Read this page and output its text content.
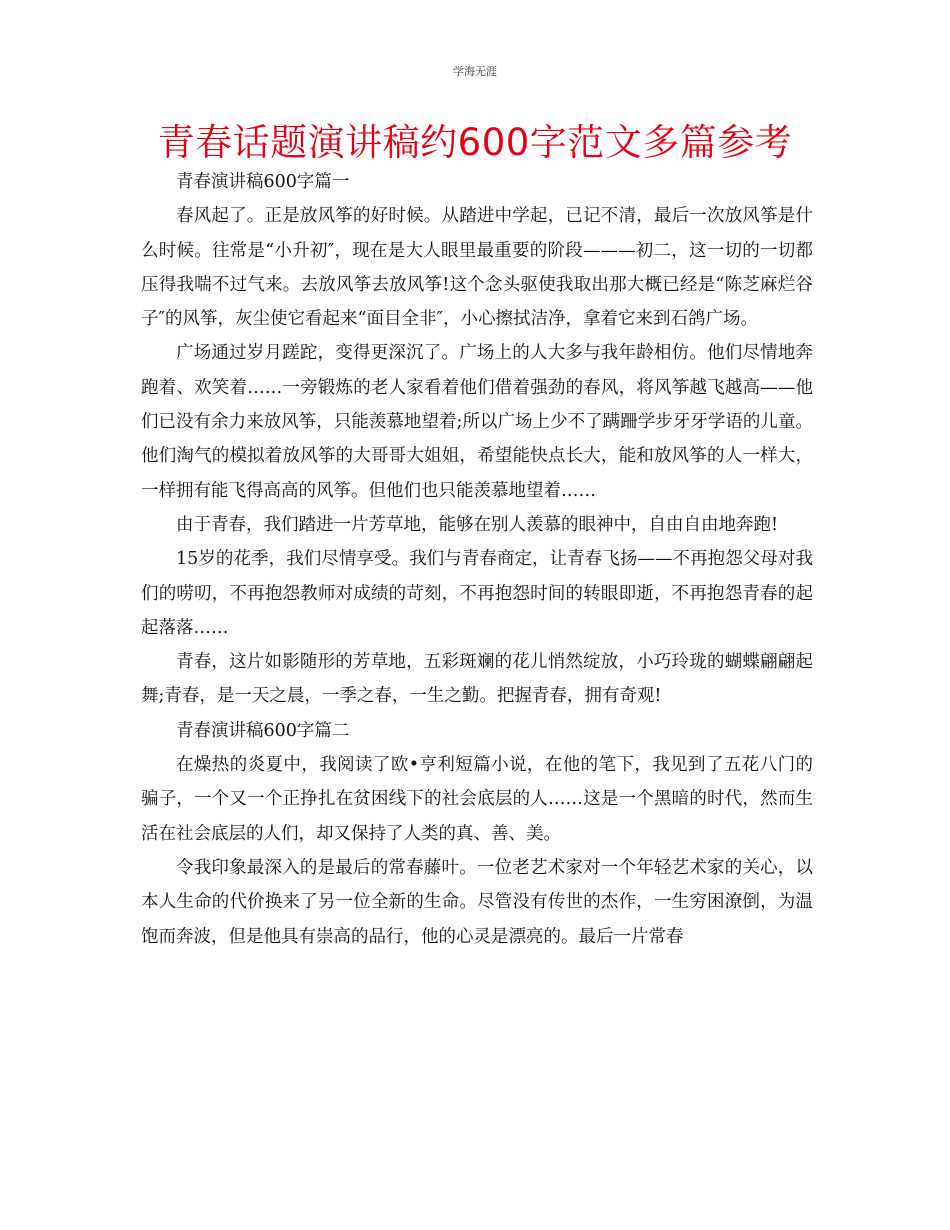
学海无涯
青春话题演讲稿约600字范文多篇参考

青春演讲稿600字篇一

春风起了。正是放风筝的好时候。从踏进中学起，已记不清，最后一次放风筝是什么时候。往常是“小升初″，现在是大人眼里最重要的阶段———初二，这一切的一切都压得我喘不过气来。去放风筝去放风筝!这个念头驱使我取出那大概已经是“陈芝麻烂谷子″的风筝，灰尘使它看起来“面目全非″，小心擦拭洁净，拿着它来到石鸽广场。

广场通过岁月蹉跎，变得更深沉了。广场上的人大多与我年龄相仿。他们尽情地奔跑着、欢笑着……一旁锻炼的老人家看着他们借着强劲的春风，将风筝越飞越高——他们已没有余力来放风筝，只能羡慕地望着;所以广场上少不了蹒跚学步牙牙学语的儿童。他们淘气的模拟着放风筝的大哥哥大姐姐，希望能快点长大，能和放风筝的人一样大，一样拥有能飞得高高的风筝。但他们也只能羡慕地望着……

由于青春，我们踏进一片芳草地，能够在别人羡慕的眼神中，自由自由地奔跑!

15岁的花季，我们尽情享受。我们与青春商定，让青春飞扬——不再抱怨父母对我们的唠叨，不再抱怨教师对成绩的苛刻，不再抱怨时间的转眼即逝，不再抱怨青春的起起落落……

青春，这片如影随形的芳草地，五彩斑斓的花儿悄然绽放，小巧玲珑的蝴蝶翩翩起舞;青春，是一天之晨，一季之春，一生之勤。把握青春，拥有奇观!

青春演讲稿600字篇二

在燥热的炎夏中，我阅读了欧•亨利短篇小说，在他的笔下，我见到了五花八门的骗子，一个又一个正挣扎在贫困线下的社会底层的人……这是一个黑暗的时代，然而生活在社会底层的人们，却又保持了人类的真、善、美。

令我印象最深入的是最后的常春藤叶。一位老艺术家对一个年轻艺术家的关心，以本人生命的代价换来了另一位全新的生命。尽管没有传世的杰作，一生穷困潦倒，为温饱而奔波，但是他具有崇高的品行，他的心灵是漂亮的。最后一片常春
